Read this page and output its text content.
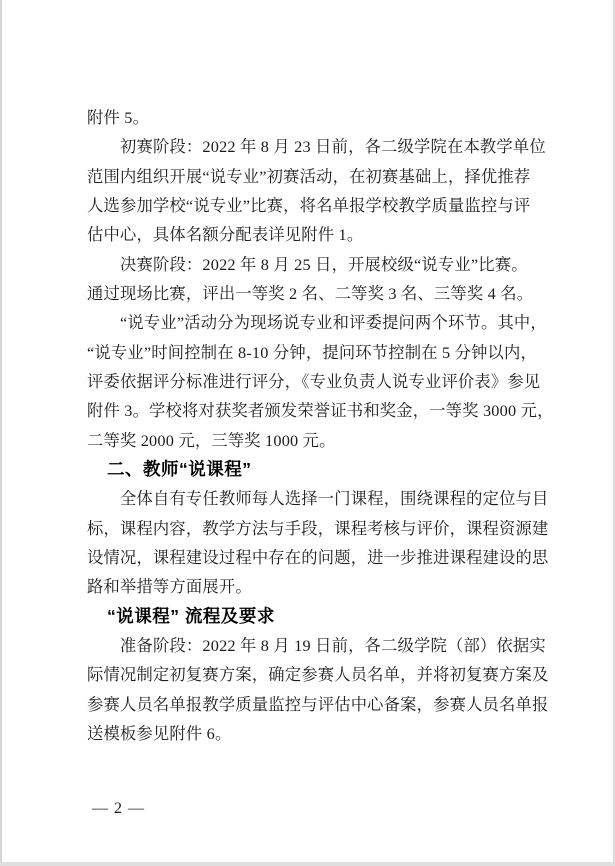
附件 5。
初赛阶段：2022 年 8 月 23 日前，各二级学院在本教学单位
范围内组织开展“说专业”初赛活动，在初赛基础上，择优推荐
人选参加学校“说专业”比赛，将名单报学校教学质量监控与评
估中心，具体名额分配表详见附件 1。
决赛阶段：2022 年 8 月 25 日，开展校级“说专业”比赛。
通过现场比赛，评出一等奖 2 名、二等奖 3 名、三等奖 4 名。
“说专业”活动分为现场说专业和评委提问两个环节。其中，
“说专业”时间控制在 8-10 分钟，提问环节控制在 5 分钟以内，
评委依据评分标准进行评分，《专业负责人说专业评价表》参见
附件 3。学校将对获奖者颁发荣誉证书和奖金，一等奖 3000 元，
二等奖 2000 元，三等奖 1000 元。
二、教师“说课程”
全体自有专任教师每人选择一门课程，围绕课程的定位与目
标，课程内容，教学方法与手段，课程考核与评价，课程资源建
设情况，课程建设过程中存在的问题，进一步推进课程建设的思
路和举措等方面展开。
“说课程” 流程及要求
准备阶段：2022 年 8 月 19 日前，各二级学院（部）依据实
际情况制定初复赛方案，确定参赛人员名单，并将初复赛方案及
参赛人员名单报教学质量监控与评估中心备案，参赛人员名单报
送模板参见附件 6。
— 2 —
